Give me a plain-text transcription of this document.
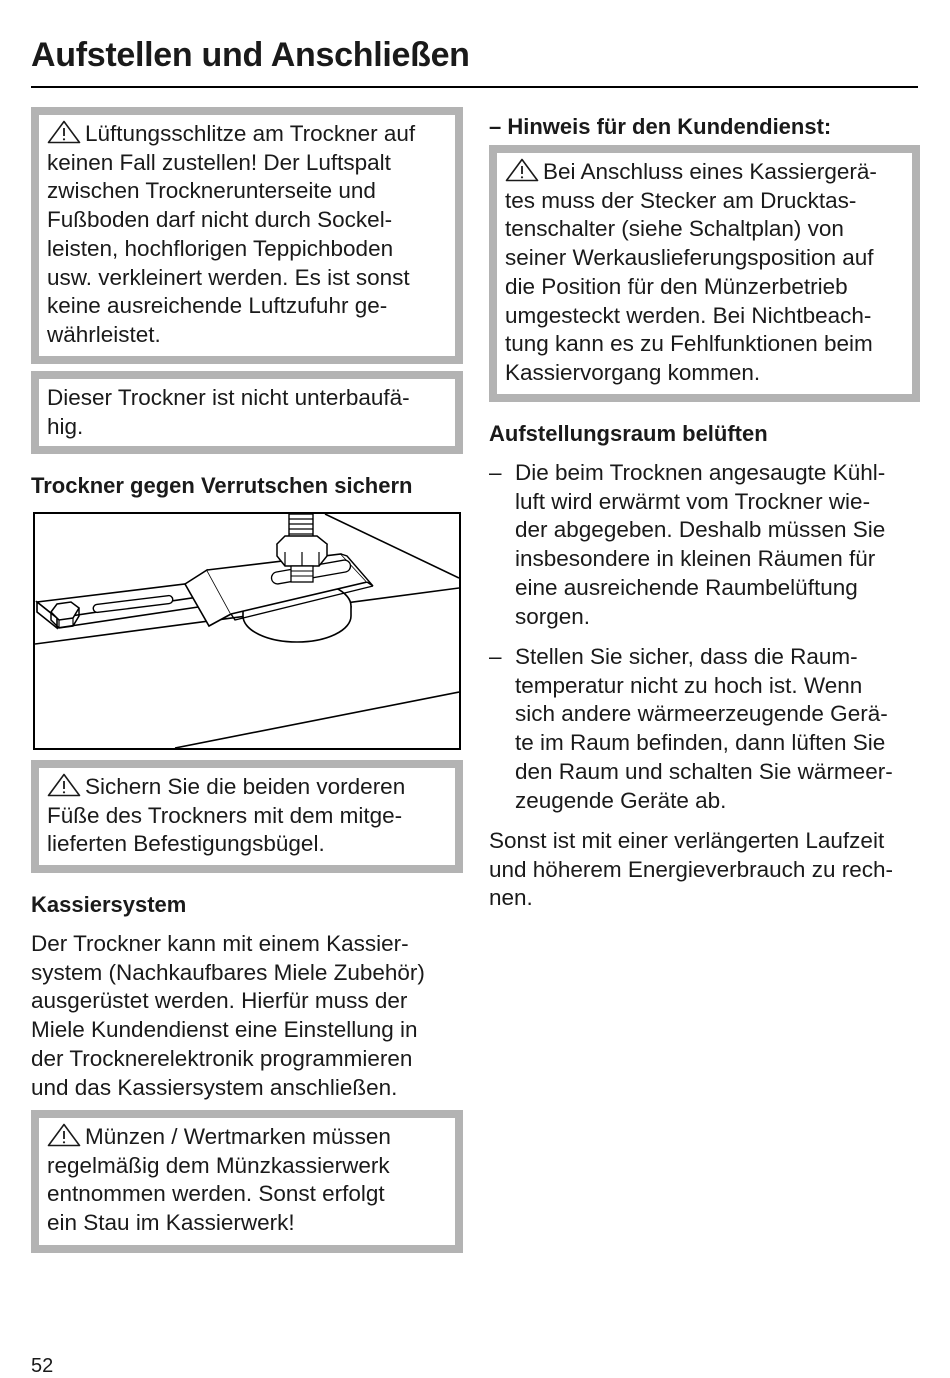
Aufstellen und Anschließen
Lüftungsschlitze am Trockner auf
keinen Fall zustellen! Der Luftspalt
zwischen Trocknerunterseite und
Fußboden darf nicht durch Sockel-
leisten, hochflorigen Teppichboden
usw. verkleinert werden. Es ist sonst
keine ausreichende Luftzufuhr ge-
währleistet.
Dieser Trockner ist nicht unterbaufä-
hig.
Trockner gegen Verrutschen sichern
Sichern Sie die beiden vorderen
Füße des Trockners mit dem mitge-
lieferten Befestigungsbügel.
Kassiersystem
Der Trockner kann mit einem Kassier-
system (Nachkaufbares Miele Zubehör)
ausgerüstet werden. Hierfür muss der
Miele Kundendienst eine Einstellung in
der Trocknerelektronik programmieren
und das Kassiersystem anschließen.
Münzen / Wertmarken müssen
regelmäßig dem Münzkassierwerk
entnommen werden. Sonst erfolgt
ein Stau im Kassierwerk!
– Hinweis für den Kundendienst:
Bei Anschluss eines Kassiergerä-
tes muss der Stecker am Drucktas-
tenschalter (siehe Schaltplan) von
seiner Werkauslieferungsposition auf
die Position für den Münzerbetrieb
umgesteckt werden. Bei Nichtbeach-
tung kann es zu Fehlfunktionen beim
Kassiervorgang kommen.
Aufstellungsraum belüften
– Die beim Trocknen angesaugte Kühl-
luft wird erwärmt vom Trockner wie-
der abgegeben. Deshalb müssen Sie
insbesondere in kleinen Räumen für
eine ausreichende Raumbelüftung
sorgen.
– Stellen Sie sicher, dass die Raum-
temperatur nicht zu hoch ist. Wenn
sich andere wärmeerzeugende Gerä-
te im Raum befinden, dann lüften Sie
den Raum und schalten Sie wärmeer-
zeugende Geräte ab.
Sonst ist mit einer verlängerten Laufzeit
und höherem Energieverbrauch zu rech-
nen.
52
